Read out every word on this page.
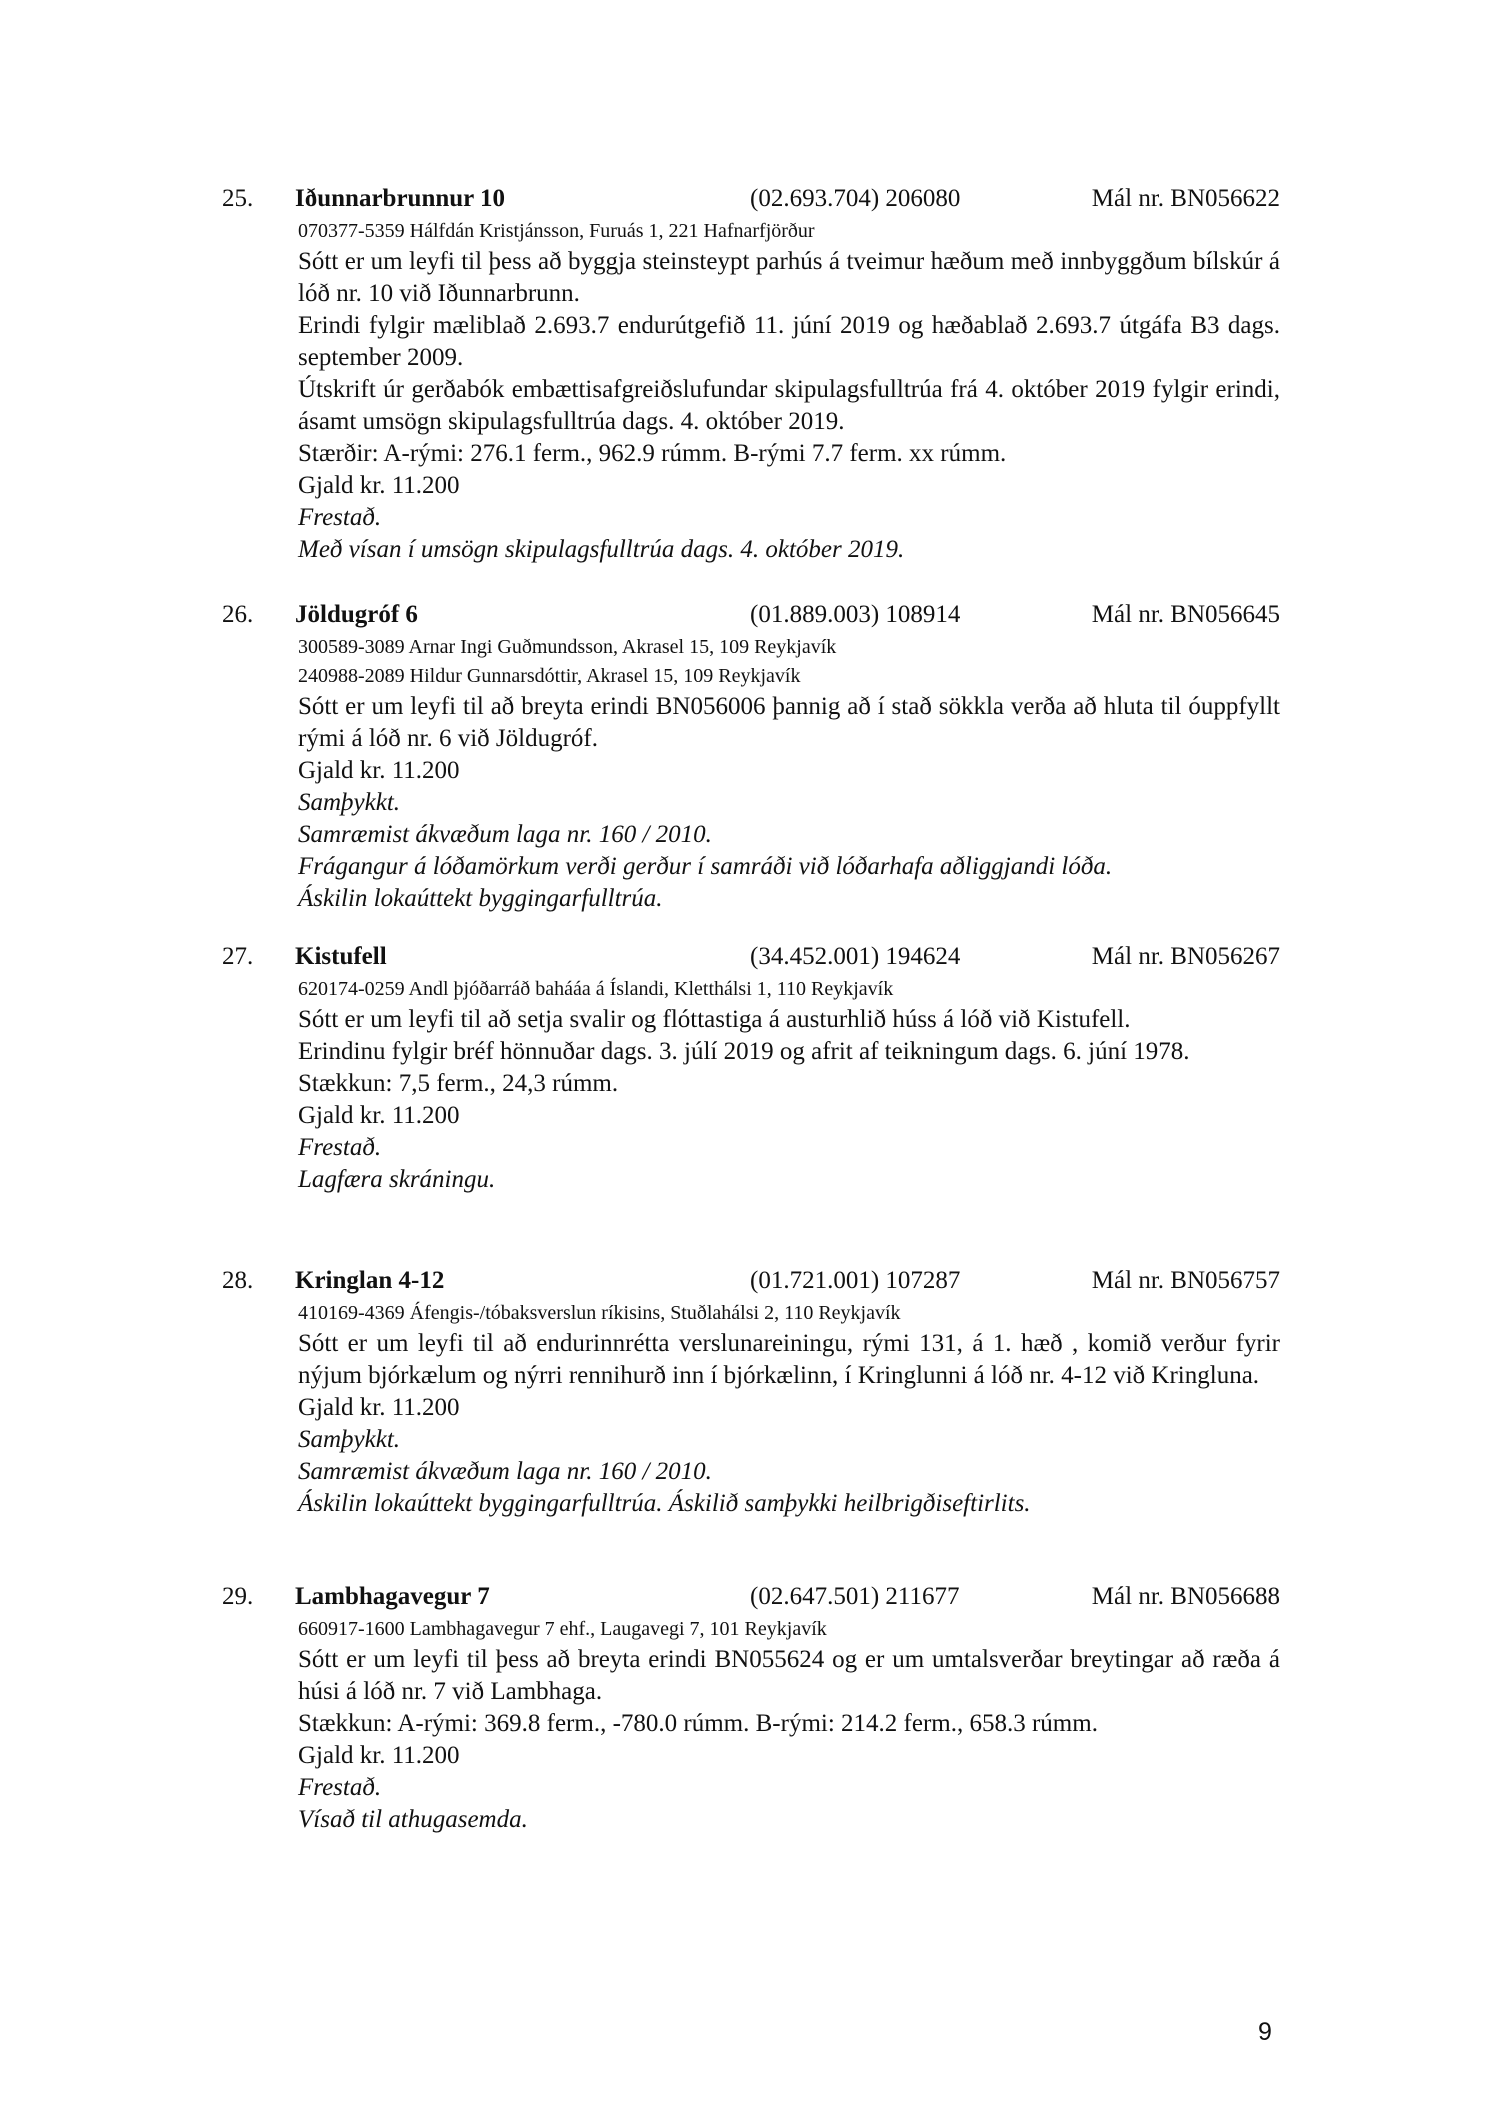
25. Iðunnarbrunnur 10	(02.693.704) 206080	Mál nr. BN056622
070377-5359 Hálfdán Kristjánsson, Furuás 1, 221 Hafnarfjörður
Sótt er um leyfi til þess að byggja steinsteypt parhús á tveimur hæðum með innbyggðum bílskúr á lóð nr. 10 við Iðunnarbrunn.
Erindi fylgir mæliblað 2.693.7 endurútgefið 11. júní 2019 og hæðablað 2.693.7 útgáfa B3 dags. september 2009.
Útskrift úr gerðabók embættisafgreiðslufundar skipulagsfulltrúa frá 4. október 2019 fylgir erindi, ásamt umsögn skipulagsfulltrúa dags. 4. október 2019.
Stærðir: A-rými: 276.1 ferm., 962.9 rúmm. B-rými 7.7 ferm. xx rúmm.
Gjald kr. 11.200
Frestað.
Með vísan í umsögn skipulagsfulltrúa dags. 4. október 2019.
26. Jöldugróf 6	(01.889.003) 108914	Mál nr. BN056645
300589-3089 Arnar Ingi Guðmundsson, Akrasel 15, 109 Reykjavík
240988-2089 Hildur Gunnarsdóttir, Akrasel 15, 109 Reykjavík
Sótt er um leyfi til að breyta erindi BN056006 þannig að í stað sökkla verða að hluta til óuppfyllt rými á lóð nr. 6 við Jöldugróf.
Gjald kr. 11.200
Samþykkt.
Samræmist ákvæðum laga nr. 160 / 2010.
Frágangur á lóðamörkum verði gerður í samráði við lóðarhafa aðliggjandi lóða.
Áskilin lokaúttekt byggingarfulltrúa.
27. Kistufell	(34.452.001) 194624	Mál nr. BN056267
620174-0259 Andl þjóðarráð bahááa á Íslandi, Kletthálsi 1, 110 Reykjavík
Sótt er um leyfi til að setja svalir og flóttastiga á austurhlið húss á lóð við Kistufell.
Erindinu fylgir bréf hönnuðar dags. 3. júlí 2019 og afrit af teikningum dags. 6. júní 1978.
Stækkun: 7,5 ferm., 24,3 rúmm.
Gjald kr. 11.200
Frestað.
Lagfæra skráningu.
28. Kringlan 4-12	(01.721.001) 107287	Mál nr. BN056757
410169-4369 Áfengis-/tóbaksverslun ríkisins, Stuðlahálsi 2, 110 Reykjavík
Sótt er um leyfi til að endurinnrétta verslunareiningu, rými 131, á 1. hæð , komið verður fyrir nýjum bjórkælum og nýrri rennihurð inn í bjórkælinn, í Kringlunni á lóð nr. 4-12 við Kringluna.
Gjald kr. 11.200
Samþykkt.
Samræmist ákvæðum laga nr. 160 / 2010.
Áskilin lokaúttekt byggingarfulltrúa. Áskilið samþykki heilbrigðiseftirlits.
29. Lambhagavegur 7	(02.647.501) 211677	Mál nr. BN056688
660917-1600 Lambhagavegur 7 ehf., Laugavegi 7, 101 Reykjavík
Sótt er um leyfi til þess að breyta erindi BN055624 og er um umtalsverðar breytingar að ræða á húsi á lóð nr. 7 við Lambhaga.
Stækkun: A-rými: 369.8 ferm., -780.0 rúmm. B-rými: 214.2 ferm., 658.3 rúmm.
Gjald kr. 11.200
Frestað.
Vísað til athugasemda.
9
